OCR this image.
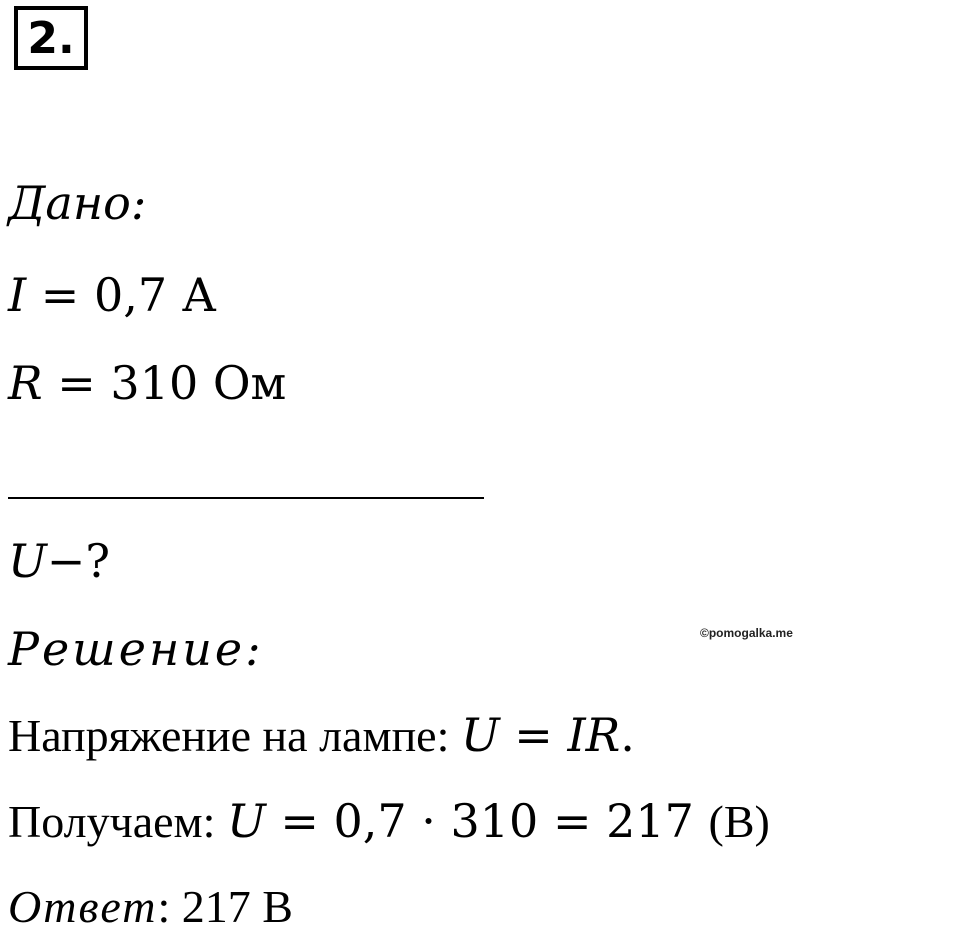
2.
Дано:
I = 0,7 А
R = 310 Ом
U−?
Решение:	©pomogalka.me
Напряжение на лампе: U = IR.
Получаем: U = 0,7 · 310 = 217 (В)
Ответ: 217 В
